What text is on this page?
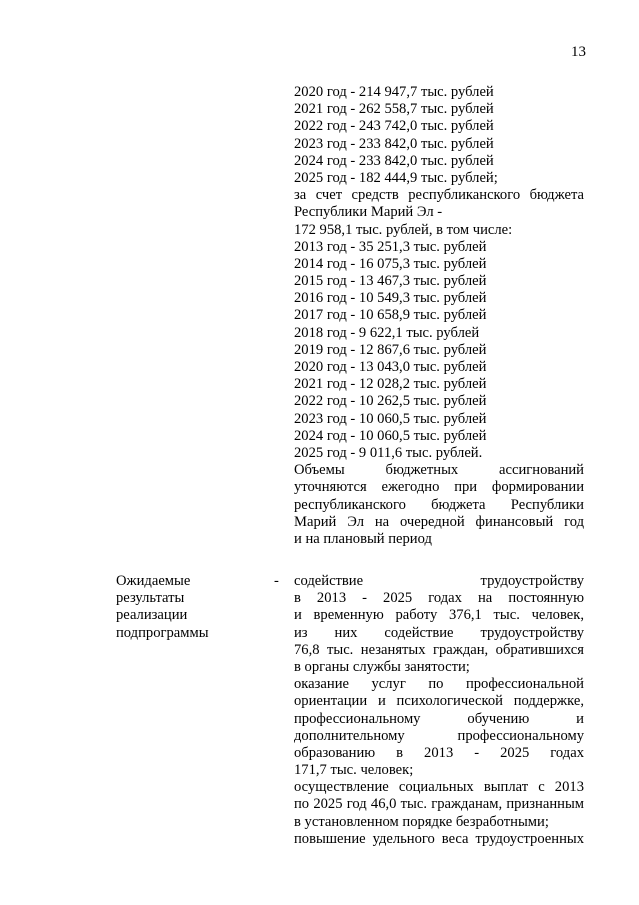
13
2020 год - 214 947,7 тыс. рублей
2021 год - 262 558,7 тыс. рублей
2022 год - 243 742,0 тыс. рублей
2023 год - 233 842,0 тыс. рублей
2024 год - 233 842,0 тыс. рублей
2025 год - 182 444,9 тыс. рублей;
за счет средств республиканского бюджета
Республики Марий Эл -
172 958,1 тыс. рублей, в том числе:
2013 год - 35 251,3 тыс. рублей
2014 год - 16 075,3 тыс. рублей
2015 год - 13 467,3 тыс. рублей
2016 год - 10 549,3 тыс. рублей
2017 год - 10 658,9 тыс. рублей
2018 год - 9 622,1 тыс. рублей
2019 год - 12 867,6 тыс. рублей
2020 год - 13 043,0 тыс. рублей
2021 год - 12 028,2 тыс. рублей
2022 год - 10 262,5 тыс. рублей
2023 год - 10 060,5 тыс. рублей
2024 год - 10 060,5 тыс. рублей
2025 год - 9 011,6 тыс. рублей.
Объемы бюджетных ассигнований
уточняются ежегодно при формировании
республиканского бюджета Республики
Марий Эл на очередной финансовый год
и на плановый период
Ожидаемые
результаты
реализации
подпрограммы
- содействие трудоустройству
в 2013 - 2025 годах на постоянную
и временную работу 376,1 тыс. человек,
из них содействие трудоустройству
76,8 тыс. незанятых граждан, обратившихся
в органы службы занятости;
оказание услуг по профессиональной
ориентации и психологической поддержке,
профессиональному обучению и
дополнительному профессиональному
образованию в 2013 - 2025 годах
171,7 тыс. человек;
осуществление социальных выплат с 2013
по 2025 год 46,0 тыс. гражданам, признанным
в установленном порядке безработными;
повышение удельного веса трудоустроенных
